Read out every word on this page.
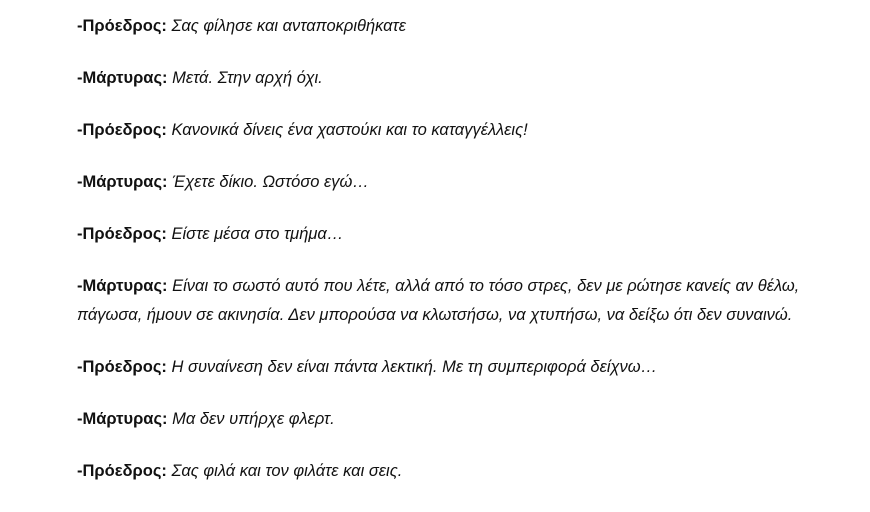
-Πρόεδρος: Σας φίλησε και ανταποκριθήκατε

-Μάρτυρας: Μετά. Στην αρχή όχι.

-Πρόεδρος: Κανονικά δίνεις ένα χαστούκι και το καταγγέλλεις!

-Μάρτυρας: Έχετε δίκιο. Ωστόσο εγώ…

-Πρόεδρος: Είστε μέσα στο τμήμα…

-Μάρτυρας: Είναι το σωστό αυτό που λέτε, αλλά από το τόσο στρες, δεν με ρώτησε κανείς αν θέλω, πάγωσα, ήμουν σε ακινησία. Δεν μπορούσα να κλωτσήσω, να χτυπήσω, να δείξω ότι δεν συναινώ.

-Πρόεδρος: Η συναίνεση δεν είναι πάντα λεκτική. Με τη συμπεριφορά δείχνω…

-Μάρτυρας: Μα δεν υπήρχε φλερτ.

-Πρόεδρος: Σας φιλά και τον φιλάτε και σεις.
